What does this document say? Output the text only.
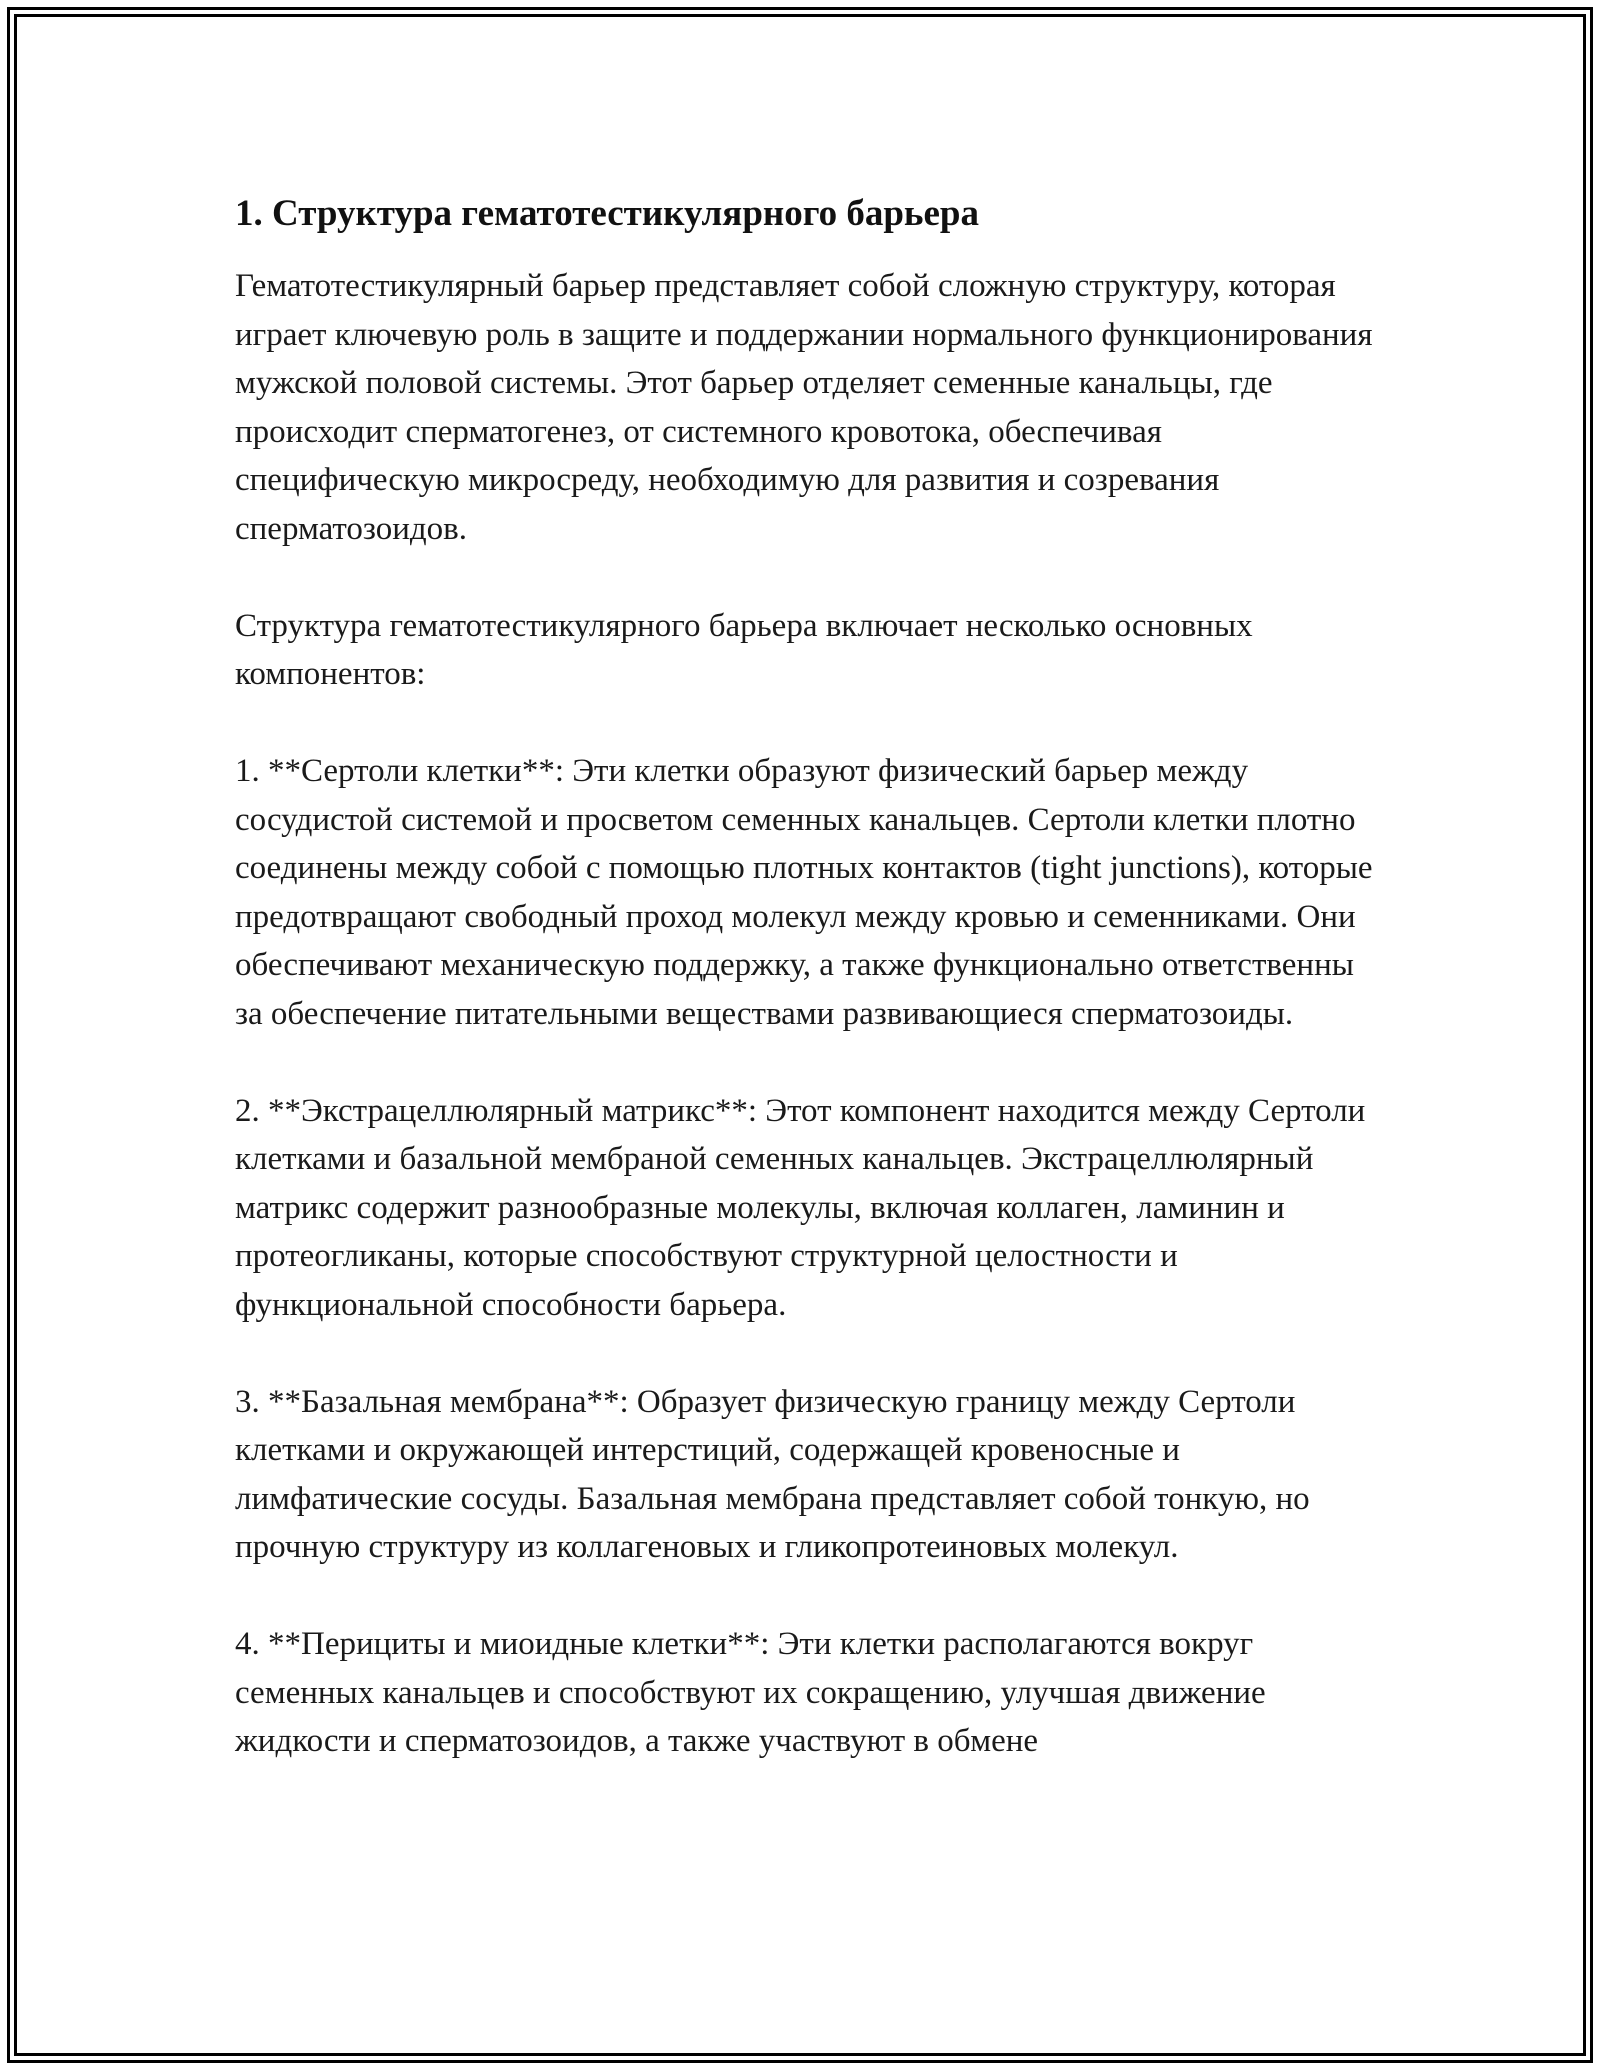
1. Структура гематотестикулярного барьера

Гематотестикулярный барьер представляет собой сложную структуру, которая играет ключевую роль в защите и поддержании нормального функционирования мужской половой системы. Этот барьер отделяет семенные канальцы, где происходит сперматогенез, от системного кровотока, обеспечивая специфическую микросреду, необходимую для развития и созревания сперматозоидов.

Структура гематотестикулярного барьера включает несколько основных компонентов:

1. **Сертоли клетки**: Эти клетки образуют физический барьер между сосудистой системой и просветом семенных канальцев. Сертоли клетки плотно соединены между собой с помощью плотных контактов (tight junctions), которые предотвращают свободный проход молекул между кровью и семенниками. Они обеспечивают механическую поддержку, а также функционально ответственны за обеспечение питательными веществами развивающиеся сперматозоиды.

2. **Экстрацеллюлярный матрикс**: Этот компонент находится между Сертоли клетками и базальной мембраной семенных канальцев. Экстрацеллюлярный матрикс содержит разнообразные молекулы, включая коллаген, ламинин и протеогликаны, которые способствуют структурной целостности и функциональной способности барьера.

3. **Базальная мембрана**: Образует физическую границу между Сертоли клетками и окружающей интерстиций, содержащей кровеносные и лимфатические сосуды. Базальная мембрана представляет собой тонкую, но прочную структуру из коллагеновых и гликопротеиновых молекул.

4. **Перициты и миоидные клетки**: Эти клетки располагаются вокруг семенных канальцев и способствуют их сокращению, улучшая движение жидкости и сперматозоидов, а также участвуют в обмене
